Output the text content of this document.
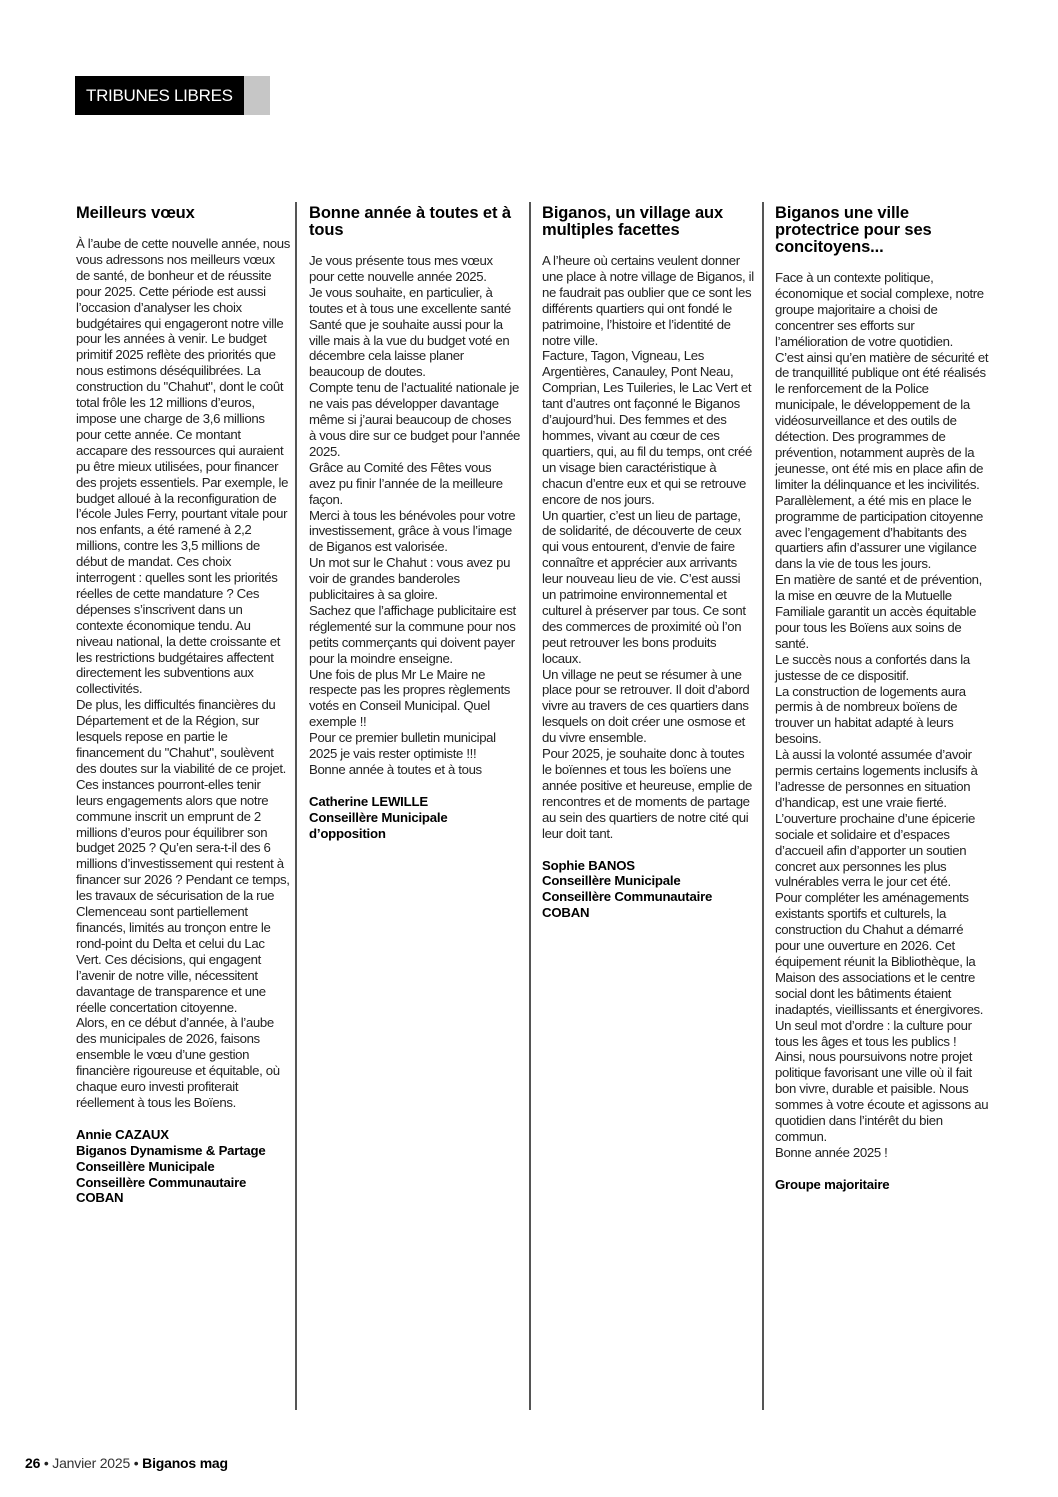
TRIBUNES LIBRES
Meilleurs vœux

À l’aube de cette nouvelle année, nous vous adressons nos meilleurs vœux de santé, de bonheur et de réussite pour 2025. Cette période est aussi l’occasion d’analyser les choix budgétaires qui engageront notre ville pour les années à venir. Le budget primitif 2025 reflète des priorités que nous estimons déséquilibrées. La construction du "Chahut", dont le coût total frôle les 12 millions d’euros, impose une charge de 3,6 millions pour cette année. Ce montant accapare des ressources qui auraient pu être mieux utilisées, pour financer des projets essentiels. Par exemple, le budget alloué à la reconfiguration de l’école Jules Ferry, pourtant vitale pour nos enfants, a été ramené à 2,2 millions, contre les 3,5 millions de début de mandat. Ces choix interrogent : quelles sont les priorités réelles de cette mandature ? Ces dépenses s’inscrivent dans un contexte économique tendu. Au niveau national, la dette croissante et les restrictions budgétaires affectent directement les subventions aux collectivités.

De plus, les difficultés financières du Département et de la Région, sur lesquels repose en partie le financement du "Chahut", soulèvent des doutes sur la viabilité de ce projet. Ces instances pourront-elles tenir leurs engagements alors que notre commune inscrit un emprunt de 2 millions d’euros pour équilibrer son budget 2025 ? Qu’en sera-t-il des 6 millions d’investissement qui restent à financer sur 2026 ? Pendant ce temps, les travaux de sécurisation de la rue Clemenceau sont partiellement financés, limités au tronçon entre le rond-point du Delta et celui du Lac Vert. Ces décisions, qui engagent l’avenir de notre ville, nécessitent davantage de transparence et une réelle concertation citoyenne.

Alors, en ce début d’année, à l’aube des municipales de 2026, faisons ensemble le vœu d’une gestion financière rigoureuse et équitable, où chaque euro investi profiterait réellement à tous les Boïens.

Annie CAZAUX
Biganos Dynamisme & Partage Conseillère Municipale
Conseillère Communautaire COBAN
Bonne année à toutes et à tous

Je vous présente tous mes vœux pour cette nouvelle année 2025.

Je vous souhaite, en particulier, à toutes et à tous une excellente santé

Santé que je souhaite aussi pour la ville mais à la vue du budget voté en décembre cela laisse planer beaucoup de doutes.

Compte tenu de l’actualité nationale je ne vais pas développer davantage même si j’aurai beaucoup de choses à vous dire sur ce budget pour l’année 2025.

Grâce au Comité des Fêtes vous avez pu finir l’année de la meilleure façon.

Merci à tous les bénévoles pour votre investissement, grâce à vous l’image de Biganos est valorisée.

Un mot sur le Chahut : vous avez pu voir de grandes banderoles publicitaires à sa gloire.

Sachez que l’affichage publicitaire est réglementé sur la commune pour nos petits commerçants qui doivent payer pour la moindre enseigne.

Une fois de plus Mr Le Maire ne respecte pas les propres règlements votés en Conseil Municipal. Quel exemple !!

Pour ce premier bulletin municipal 2025 je vais rester optimiste !!!

Bonne année à toutes et à tous

Catherine LEWILLE
Conseillère Municipale d’opposition
Biganos, un village aux multiples facettes

A l’heure où certains veulent donner une place à notre village de Biganos, il ne faudrait pas oublier que ce sont les différents quartiers qui ont fondé le patrimoine, l’histoire et l’identité de notre ville.

Facture, Tagon, Vigneau, Les Argentières, Canauley, Pont Neau, Comprian, Les Tuileries, le Lac Vert et tant d’autres ont façonné le Biganos d’aujourd’hui. Des femmes et des hommes, vivant au cœur de ces quartiers, qui, au fil du temps, ont créé un visage bien caractéristique à chacun d’entre eux et qui se retrouve encore de nos jours.

Un quartier, c’est un lieu de partage, de solidarité, de découverte de ceux qui vous entourent, d’envie de faire connaître et apprécier aux arrivants leur nouveau lieu de vie. C’est aussi un patrimoine environnemental et culturel à préserver par tous. Ce sont des commerces de proximité où l’on peut retrouver les bons produits locaux.

Un village ne peut se résumer à une place pour se retrouver. Il doit d’abord vivre au travers de ces quartiers dans lesquels on doit créer une osmose et du vivre ensemble.

Pour 2025, je souhaite donc à toutes le boïennes et tous les boïens une année positive et heureuse, emplie de rencontres et de moments de partage au sein des quartiers de notre cité qui leur doit tant.

Sophie BANOS
Conseillère Municipale
Conseillère Communautaire COBAN
Biganos une ville protectrice pour ses concitoyens...

Face à un contexte politique, économique et social complexe, notre groupe majoritaire a choisi de concentrer ses efforts sur l’amélioration de votre quotidien.

C’est ainsi qu’en matière de sécurité et de tranquillité publique ont été réalisés le renforcement de la Police municipale, le développement de la vidéosurveillance et des outils de détection. Des programmes de prévention, notamment auprès de la jeunesse, ont été mis en place afin de limiter la délinquance et les incivilités.

Parallèlement, a été mis en place le programme de participation citoyenne avec l’engagement d’habitants des quartiers afin d’assurer une vigilance dans la vie de tous les jours.

En matière de santé et de prévention, la mise en œuvre de la Mutuelle Familiale garantit un accès équitable pour tous les Boïens aux soins de santé.

Le succès nous a confortés dans la justesse de ce dispositif.

La construction de logements aura permis à de nombreux boïens de trouver un habitat adapté à leurs besoins.

Là aussi la volonté assumée d’avoir permis certains logements inclusifs à l’adresse de personnes en situation d’handicap, est une vraie fierté.

L’ouverture prochaine d’une épicerie sociale et solidaire et d’espaces d’accueil afin d’apporter un soutien concret aux personnes les plus vulnérables verra le jour cet été.

Pour compléter les aménagements existants sportifs et culturels, la construction du Chahut a démarré pour une ouverture en 2026. Cet équipement réunit la Bibliothèque, la Maison des associations et le centre social dont les bâtiments étaient inadaptés, vieillissants et énergivores. Un seul mot d’ordre : la culture pour tous les âges et tous les publics !

Ainsi, nous poursuivons notre projet politique favorisant une ville où il fait bon vivre, durable et paisible. Nous sommes à votre écoute et agissons au quotidien dans l’intérêt du bien commun.

Bonne année 2025 !

Groupe majoritaire
26 • Janvier 2025 • Biganos mag
